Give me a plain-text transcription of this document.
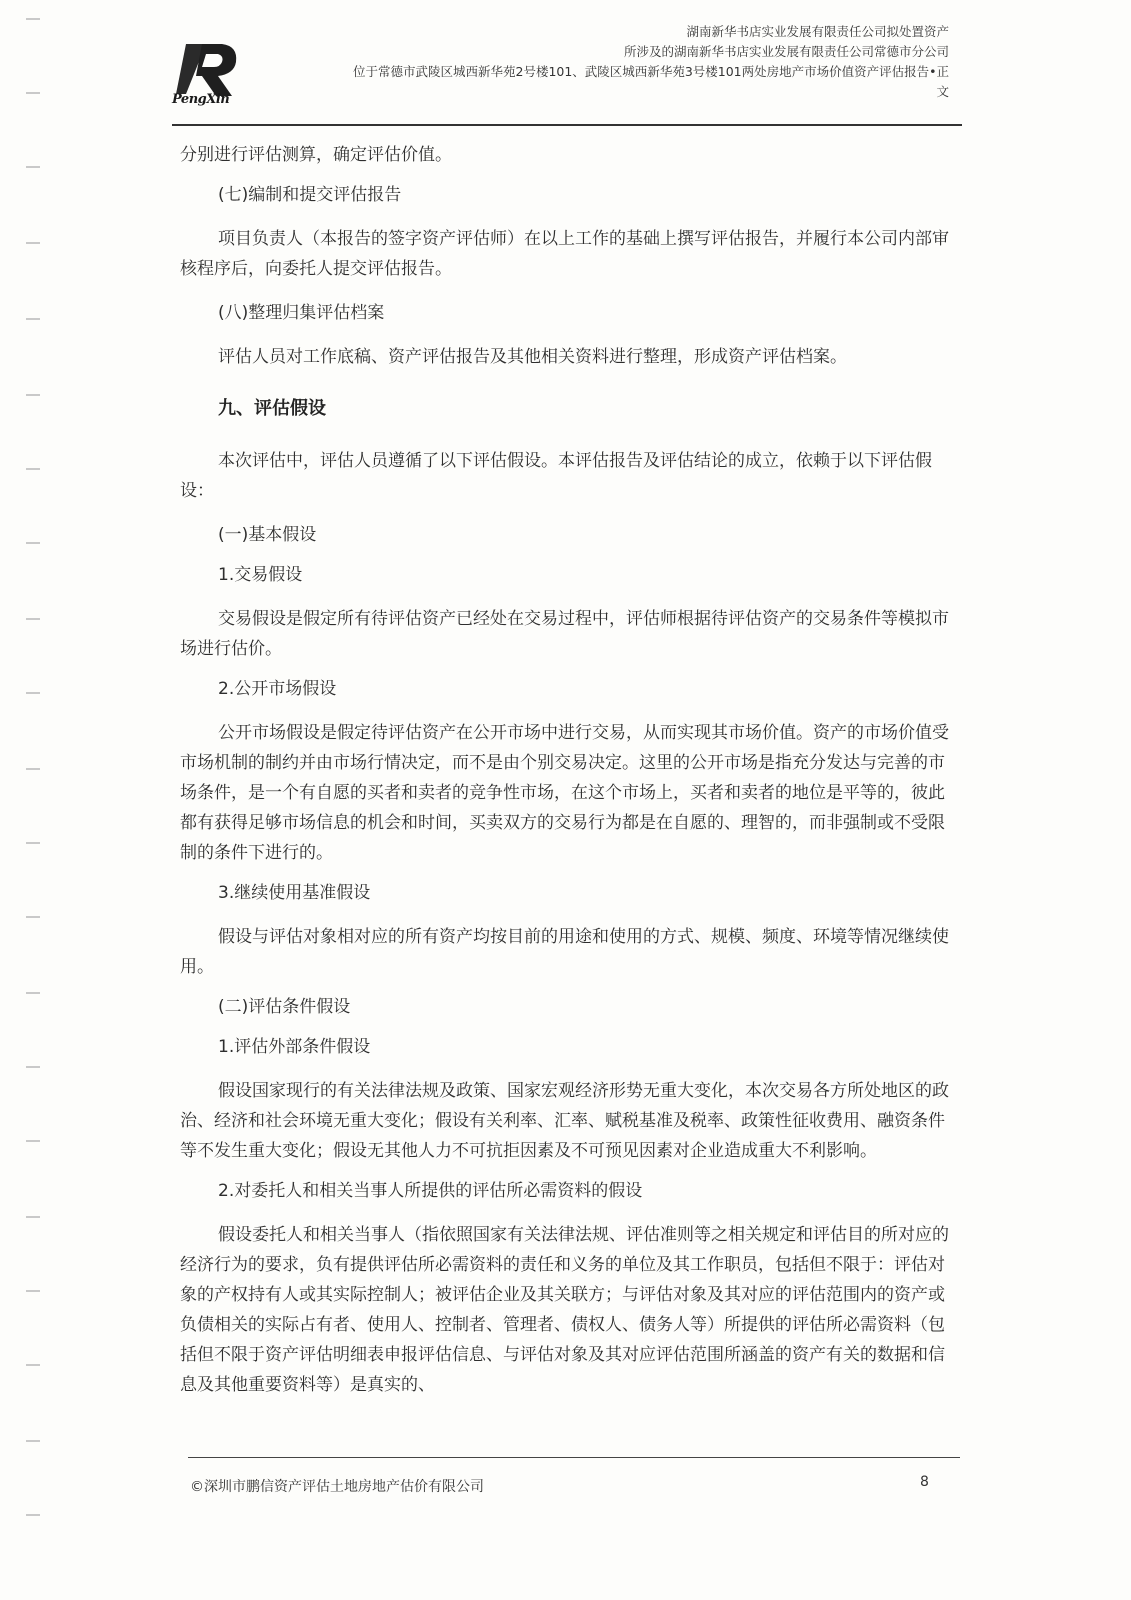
PengXin
湖南新华书店实业发展有限责任公司拟处置资产
所涉及的湖南新华书店实业发展有限责任公司常德市分公司
位于常德市武陵区城西新华苑2号楼101、武陵区城西新华苑3号楼101两处房地产市场价值资产评估报告•正
文

分别进行评估测算，确定评估价值。

(七)编制和提交评估报告

项目负责人（本报告的签字资产评估师）在以上工作的基础上撰写评估报告，并履行本公司内部审核程序后，向委托人提交评估报告。

(八)整理归集评估档案

评估人员对工作底稿、资产评估报告及其他相关资料进行整理，形成资产评估档案。

九、评估假设

本次评估中，评估人员遵循了以下评估假设。本评估报告及评估结论的成立，依赖于以下评估假设：

(一)基本假设

1.交易假设

交易假设是假定所有待评估资产已经处在交易过程中，评估师根据待评估资产的交易条件等模拟市场进行估价。

2.公开市场假设

公开市场假设是假定待评估资产在公开市场中进行交易，从而实现其市场价值。资产的市场价值受市场机制的制约并由市场行情决定，而不是由个别交易决定。这里的公开市场是指充分发达与完善的市场条件，是一个有自愿的买者和卖者的竞争性市场，在这个市场上，买者和卖者的地位是平等的，彼此都有获得足够市场信息的机会和时间，买卖双方的交易行为都是在自愿的、理智的，而非强制或不受限制的条件下进行的。

3.继续使用基准假设

假设与评估对象相对应的所有资产均按目前的用途和使用的方式、规模、频度、环境等情况继续使用。

(二)评估条件假设

1.评估外部条件假设

假设国家现行的有关法律法规及政策、国家宏观经济形势无重大变化，本次交易各方所处地区的政治、经济和社会环境无重大变化；假设有关利率、汇率、赋税基准及税率、政策性征收费用、融资条件等不发生重大变化；假设无其他人力不可抗拒因素及不可预见因素对企业造成重大不利影响。

2.对委托人和相关当事人所提供的评估所必需资料的假设

假设委托人和相关当事人（指依照国家有关法律法规、评估准则等之相关规定和评估目的所对应的经济行为的要求，负有提供评估所必需资料的责任和义务的单位及其工作职员，包括但不限于：评估对象的产权持有人或其实际控制人；被评估企业及其关联方；与评估对象及其对应的评估范围内的资产或负债相关的实际占有者、使用人、控制者、管理者、债权人、债务人等）所提供的评估所必需资料（包括但不限于资产评估明细表申报评估信息、与评估对象及其对应评估范围所涵盖的资产有关的数据和信息及其他重要资料等）是真实的、

©深圳市鹏信资产评估土地房地产估价有限公司	8
